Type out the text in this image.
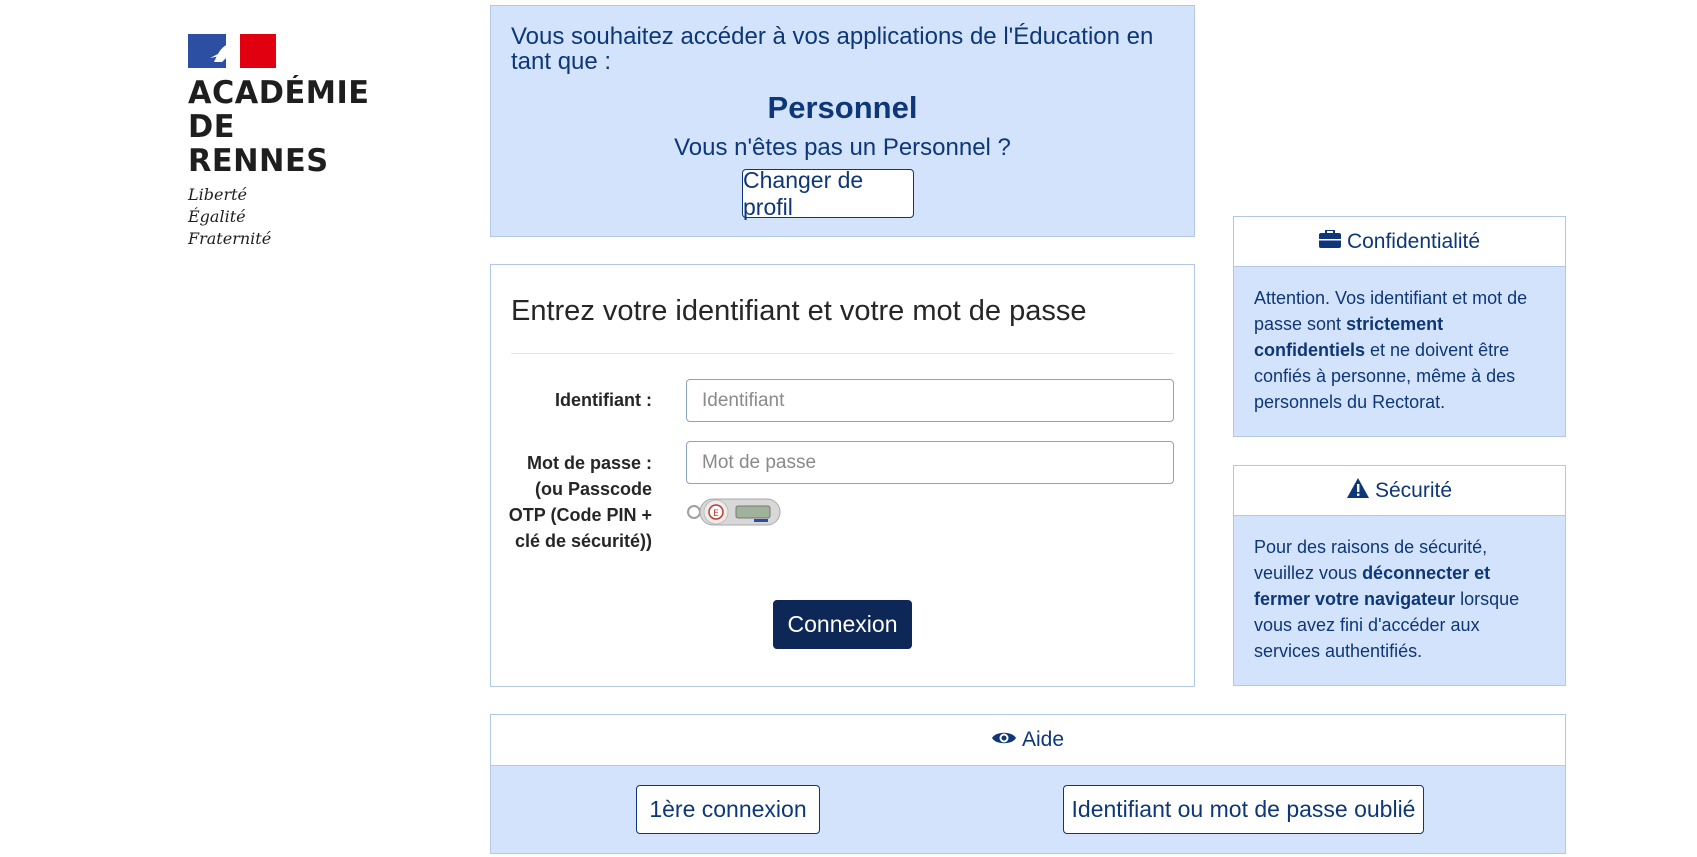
ACADÉMIE
DE RENNES
Liberté
Égalité
Fraternité
Vous souhaitez accéder à vos applications de l'Éducation en tant que :
Personnel
Vous n'êtes pas un Personnel ?
Changer de profil
Entrez votre identifiant et votre mot de passe
Identifiant :
Identifiant
Mot de passe : (ou Passcode OTP (Code PIN + clé de sécurité))
E
Connexion
Confidentialité
Attention. Vos identifiant et mot de passe sont strictement confidentiels et ne doivent être confiés à personne, même à des personnels du Rectorat.
Sécurité
Pour des raisons de sécurité, veuillez vous déconnecter et fermer votre navigateur lorsque vous avez fini d'accéder aux services authentifiés.
Aide
1ère connexion	Identifiant ou mot de passe oublié
